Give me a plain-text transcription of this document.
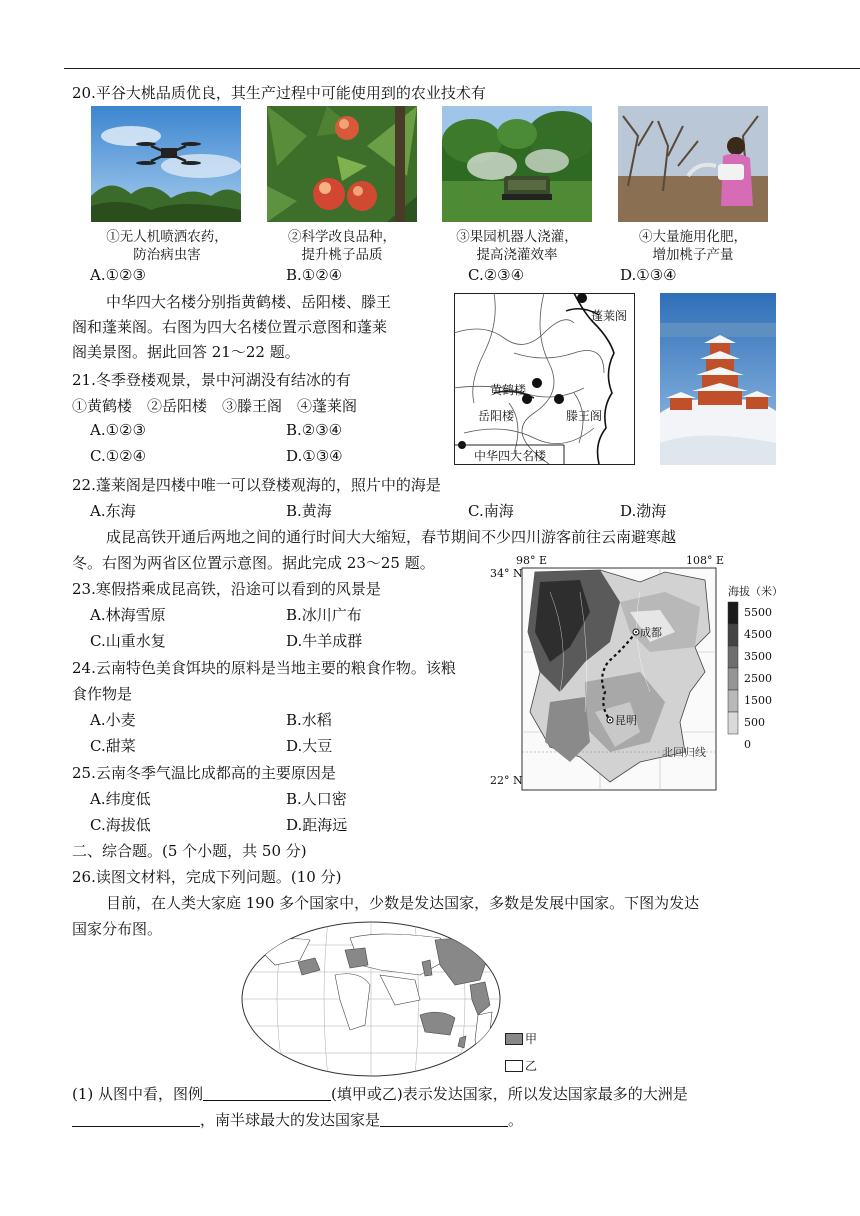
20.平谷大桃品质优良，其生产过程中可能使用到的农业技术有
①无人机喷洒农药，
防治病虫害
②科学改良品种，
提升桃子品质
③果园机器人浇灌，
提高浇灌效率
④大量施用化肥，
增加桃子产量
A.①②③	B.①②④	C.②③④	D.①③④
中华四大名楼分别指黄鹤楼、岳阳楼、滕王
阁和蓬莱阁。右图为四大名楼位置示意图和蓬莱
阁美景图。据此回答 21～22 题。
蓬莱阁
黄鹤楼
岳阳楼	滕王阁
中华四大名楼
21.冬季登楼观景，景中河湖没有结冰的有
①黄鹤楼　②岳阳楼　③滕王阁　④蓬莱阁
A.①②③	B.②③④
C.①②④	D.①③④
22.蓬莱阁是四楼中唯一可以登楼观海的，照片中的海是
A.东海	B.黄海	C.南海	D.渤海
成昆高铁开通后两地之间的通行时间大大缩短，春节期间不少四川游客前往云南避寒越
冬。右图为两省区位置示意图。据此完成 23～25 题。
成都
昆明
北回归线
98° E	108° E
34° N
22° N
海拔（米）
5500
4500
3500
2500
1500
500
0
23.寒假搭乘成昆高铁，沿途可以看到的风景是
A.林海雪原	B.冰川广布
C.山重水复	D.牛羊成群
24.云南特色美食饵块的原料是当地主要的粮食作物。该粮
食作物是
A.小麦	B.水稻
C.甜菜	D.大豆
25.云南冬季气温比成都高的主要原因是
A.纬度低	B.人口密
C.海拔低	D.距海远
二、综合题。(5 个小题，共 50 分)
26.读图文材料，完成下列问题。(10 分)
目前，在人类大家庭 190 多个国家中，少数是发达国家，多数是发展中国家。下图为发达
国家分布图。
甲
乙
(1) 从图中看，图例	(填甲或乙)表示发达国家，所以发达国家最多的大洲是
，南半球最大的发达国家是	。
